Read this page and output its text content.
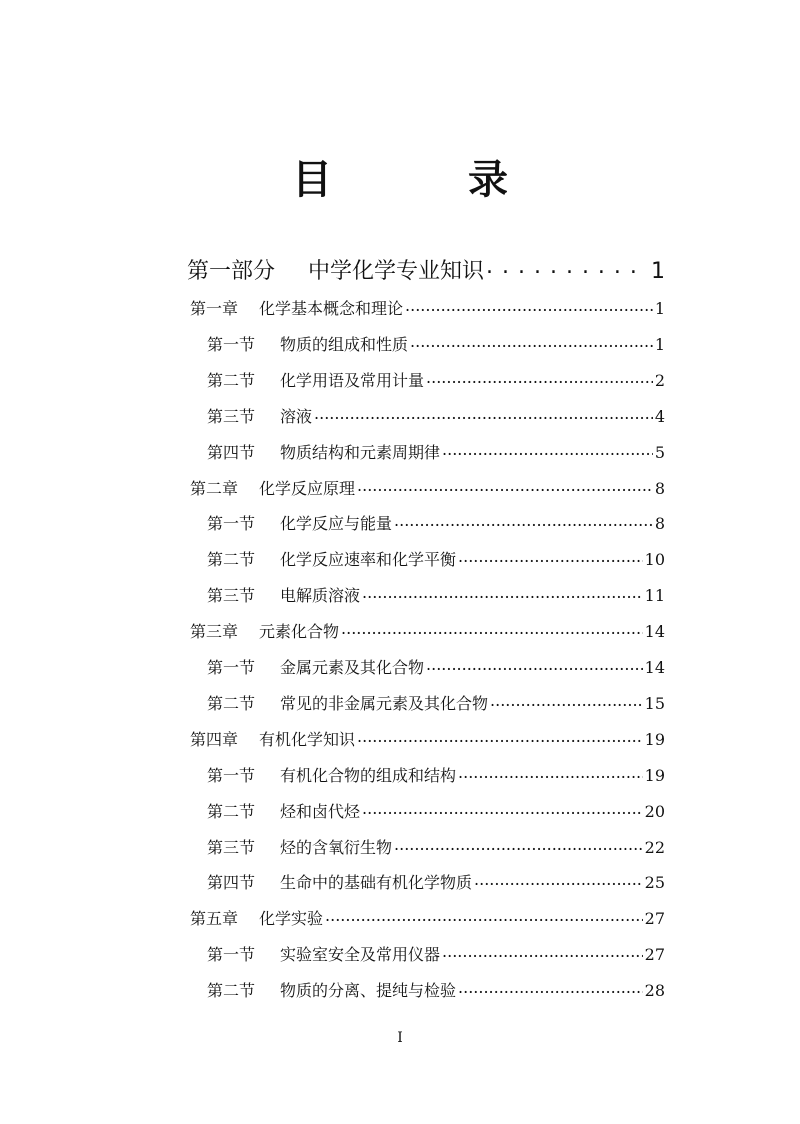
目　录
第一部分 中学化学专业知识 . . .	1
第一章 化学基本概念和理论 .....	1
第一节 物质的组成和性质 .....	1
第二节 化学用语及常用计量 .....	2
第三节 溶液 .....	4
第四节 物质结构和元素周期律 .....	5
第二章 化学反应原理 .....	8
第一节 化学反应与能量 .....	8
第二节 化学反应速率和化学平衡 .....	10
第三节 电解质溶液 .....	11
第三章 元素化合物 .....	14
第一节 金属元素及其化合物 .....	14
第二节 常见的非金属元素及其化合物 .....	15
第四章 有机化学知识 .....	19
第一节 有机化合物的组成和结构 .....	19
第二节 烃和卤代烃 .....	20
第三节 烃的含氧衍生物 .....	22
第四节 生命中的基础有机化学物质 .....	25
第五章 化学实验 .....	27
第一节 实验室安全及常用仪器 .....	27
第二节 物质的分离、提纯与检验 .....	28
I
